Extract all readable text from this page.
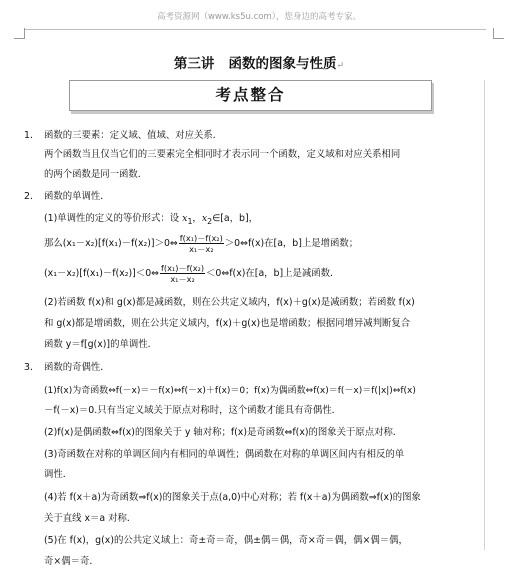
高考资源网（www.ks5u.com），您身边的高考专家。
第三讲 函数的图象与性质↵
考点整合
1． 函数的三要素：定义域、值域、对应关系．
两个函数当且仅当它们的三要素完全相同时才表示同一个函数，定义域和对应关系相同
的两个函数是同一函数．
2． 函数的单调性．
(1)单调性的定义的等价形式：设 $x_1$，$x_2\in[a$，b]，
那么(x₁－x₂)[f(x₁)－f(x₂)]＞0⇔ $\frac{\text{f(x₁)－f(x₂)}}{\text{x₁－x₂}}$ ＞0⇔f(x)在[a，b]上是增函数；
(x₁－x₂)[f(x₁)－f(x₂)]＜0⇔ $\frac{\text{f(x₁)－f(x₂)}}{\text{x₁－x₂}}$ ＜0⇔f(x)在[a，b]上是减函数．
(2)若函数 f(x)和 g(x)都是减函数，则在公共定义域内，f(x)＋g(x)是减函数；若函数 f(x)
和 g(x)都是增函数，则在公共定义域内，f(x)＋g(x)也是增函数；根据同增异减判断复合
函数 y＝f[g(x)]的单调性．
3． 函数的奇偶性．
(1)f(x)为奇函数⇔f(－x)＝－f(x)⇔f(－x)＋f(x)＝0；f(x)为偶函数⇔f(x)＝f(－x)＝f(|x|)⇔f(x)
－f(－x)＝0.只有当定义域关于原点对称时，这个函数才能具有奇偶性．
(2)f(x)是偶函数⇔f(x)的图象关于 y 轴对称；f(x)是奇函数⇔f(x)的图象关于原点对称．
(3)奇函数在对称的单调区间内有相同的单调性；偶函数在对称的单调区间内有相反的单
调性．
(4)若 f(x＋a)为奇函数⇒f(x)的图象关于点(a,0)中心对称；若 f(x＋a)为偶函数⇒f(x)的图象
关于直线 x＝a 对称．
(5)在 f(x)，g(x)的公共定义域上：奇±奇＝奇，偶±偶＝偶，奇×奇＝偶，偶×偶＝偶，
奇×偶＝奇．
